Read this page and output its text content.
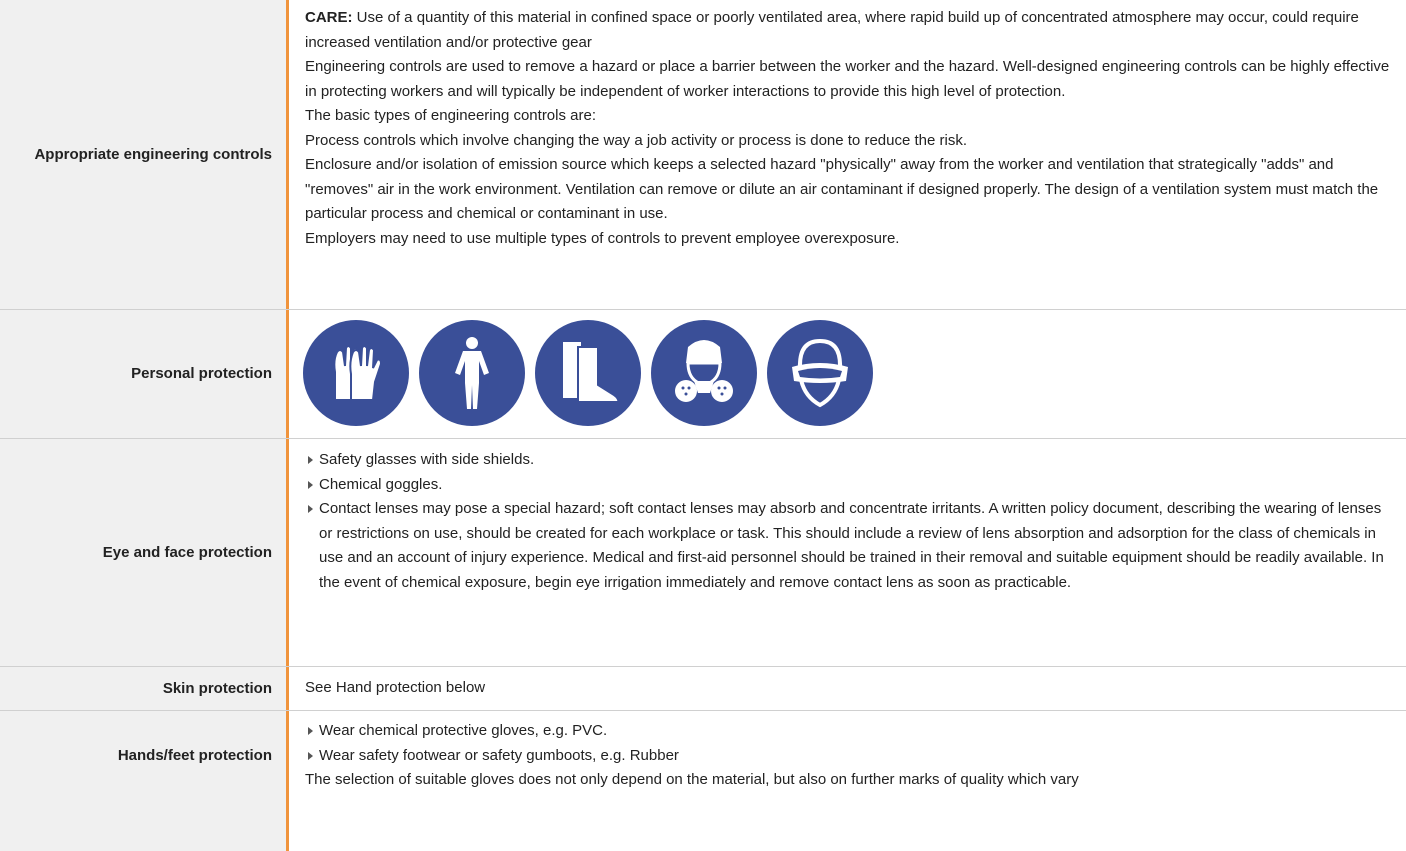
Appropriate engineering controls

CARE: Use of a quantity of this material in confined space or poorly ventilated area, where rapid build up of concentrated atmosphere may occur, could require increased ventilation and/or protective gear

Engineering controls are used to remove a hazard or place a barrier between the worker and the hazard. Well-designed engineering controls can be highly effective in protecting workers and will typically be independent of worker interactions to provide this high level of protection.

The basic types of engineering controls are:

Process controls which involve changing the way a job activity or process is done to reduce the risk.

Enclosure and/or isolation of emission source which keeps a selected hazard "physically" away from the worker and ventilation that strategically "adds" and "removes" air in the work environment. Ventilation can remove or dilute an air contaminant if designed properly. The design of a ventilation system must match the particular process and chemical or contaminant in use.

Employers may need to use multiple types of controls to prevent employee overexposure.

Personal protection
Eye and face protection
Safety glasses with side shields.
Chemical goggles.
Contact lenses may pose a special hazard; soft contact lenses may absorb and concentrate irritants. A written policy document, describing the wearing of lenses or restrictions on use, should be created for each workplace or task. This should include a review of lens absorption and adsorption for the class of chemicals in use and an account of injury experience. Medical and first-aid personnel should be trained in their removal and suitable equipment should be readily available. In the event of chemical exposure, begin eye irrigation immediately and remove contact lens as soon as practicable.
Skin protection See Hand protection below
Hands/feet protection
Wear chemical protective gloves, e.g. PVC.
Wear safety footwear or safety gumboots, e.g. Rubber

The selection of suitable gloves does not only depend on the material, but also on further marks of quality which vary
